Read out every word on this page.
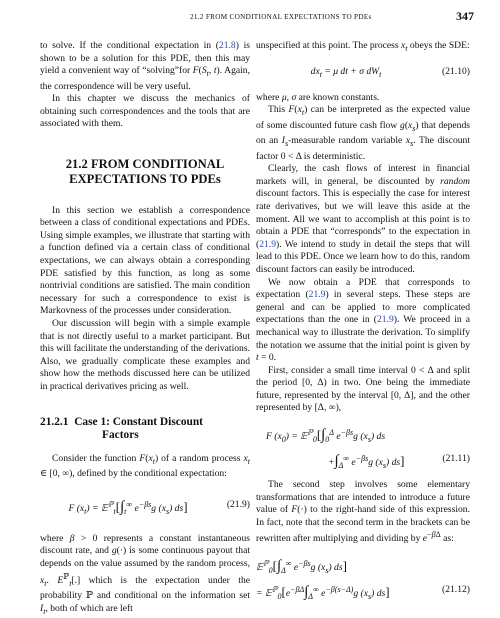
21.2 FROM CONDITIONAL EXPECTATIONS TO PDEs	347

to solve. If the conditional expectation in (21.8) is shown to be a solution for this PDE, then this may yield a convenient way of “solving”for $F(S_t$, t). Again, the correspondence will be very useful.

In this chapter we discuss the mechanics of obtaining such correspondences and the tools that are associated with them.

21.2 FROM CONDITIONAL
EXPECTATIONS TO PDEs

In this section we establish a correspondence between a class of conditional expectations and PDEs. Using simple examples, we illustrate that starting with a function defined via a certain class of conditional expectations, we can always obtain a corresponding PDE satisfied by this function, as long as some nontrivial conditions are satisfied. The main condition necessary for such a correspondence to exist is Markovness of the processes under consideration.

Our discussion will begin with a simple example that is not directly useful to a market participant. But this will facilitate the understanding of the derivations. Also, we gradually complicate these examples and show how the methods discussed here can be utilized in practical derivatives pricing as well.

21.2.1 Case 1: Constant Discount
Factors

Consider the function $F(x_t)$ of a random process $x_t$ ∈ [0, ∞), defined by the conditional expectation:

F $(x_t)$ = $𝔼^ℙ_t[\int_t^\infty$ $e^{-\beta s}g$ $(x_s)$ ds]	(21.9)

where β > 0 represents a constant instantaneous discount rate, and g(·) is some continuous payout that depends on the value assumed by the random process, $x_t$. $E^ℙ_t[.]$ which is the expectation under the probability ℙ and conditional on the information set $I_t$, both of which are left

unspecified at this point. The process $x_t$ obeys the SDE:

$dx_t = \mu$ dt + σ $dW_t$	(21.10)

where μ, σ are known constants.

This $F(x_t)$ can be interpreted as the expected value of some discounted future cash flow $g(x_s)$ that depends on an $I_s$-measurable random variable $x_s$. The discount factor 0 < Δ is deterministic.

Clearly, the cash flows of interest in financial markets will, in general, be discounted by random discount factors. This is especially the case for interest rate derivatives, but we will leave this aside at the moment. All we want to accomplish at this point is to obtain a PDE that “corresponds” to the expectation in (21.9). We intend to study in detail the steps that will lead to this PDE. Once we learn how to do this, random discount factors can easily be introduced.

We now obtain a PDE that corresponds to expectation (21.9) in several steps. These steps are general and can be applied to more complicated expectations than the one in (21.9). We proceed in a mechanical way to illustrate the derivation. To simplify the notation we assume that the initial point is given by t = 0.

First, consider a small time interval 0 < Δ and split the period [0, Δ) in two. One being the immediate future, represented by the interval [0, Δ], and the other represented by [Δ, ∞),

F $(x_0)$ = $𝔼^ℙ_0[\int_0^\Delta$ $e^{-\beta s}g$ $(x_s)$ ds
$+\int_\Delta^\infty$ $e^{-\beta s}g$ $(x_s)$ ds]	(21.11)

The second step involves some elementary transformations that are intended to introduce a future value of F(·) to the right-hand side of this expression. In fact, note that the second term in the brackets can be rewritten after multiplying and dividing by $e^{-\beta\Delta}$ as:

$𝔼^ℙ_0[\int_\Delta^\infty$ $e^{-\beta s}g$ $(x_s)$ ds]
= $𝔼^ℙ_0[e^{-\beta\Delta}\int_\Delta^\infty$ $e^{-\beta(s-\Delta)}g$ $(x_s)$ ds]	(21.12)
